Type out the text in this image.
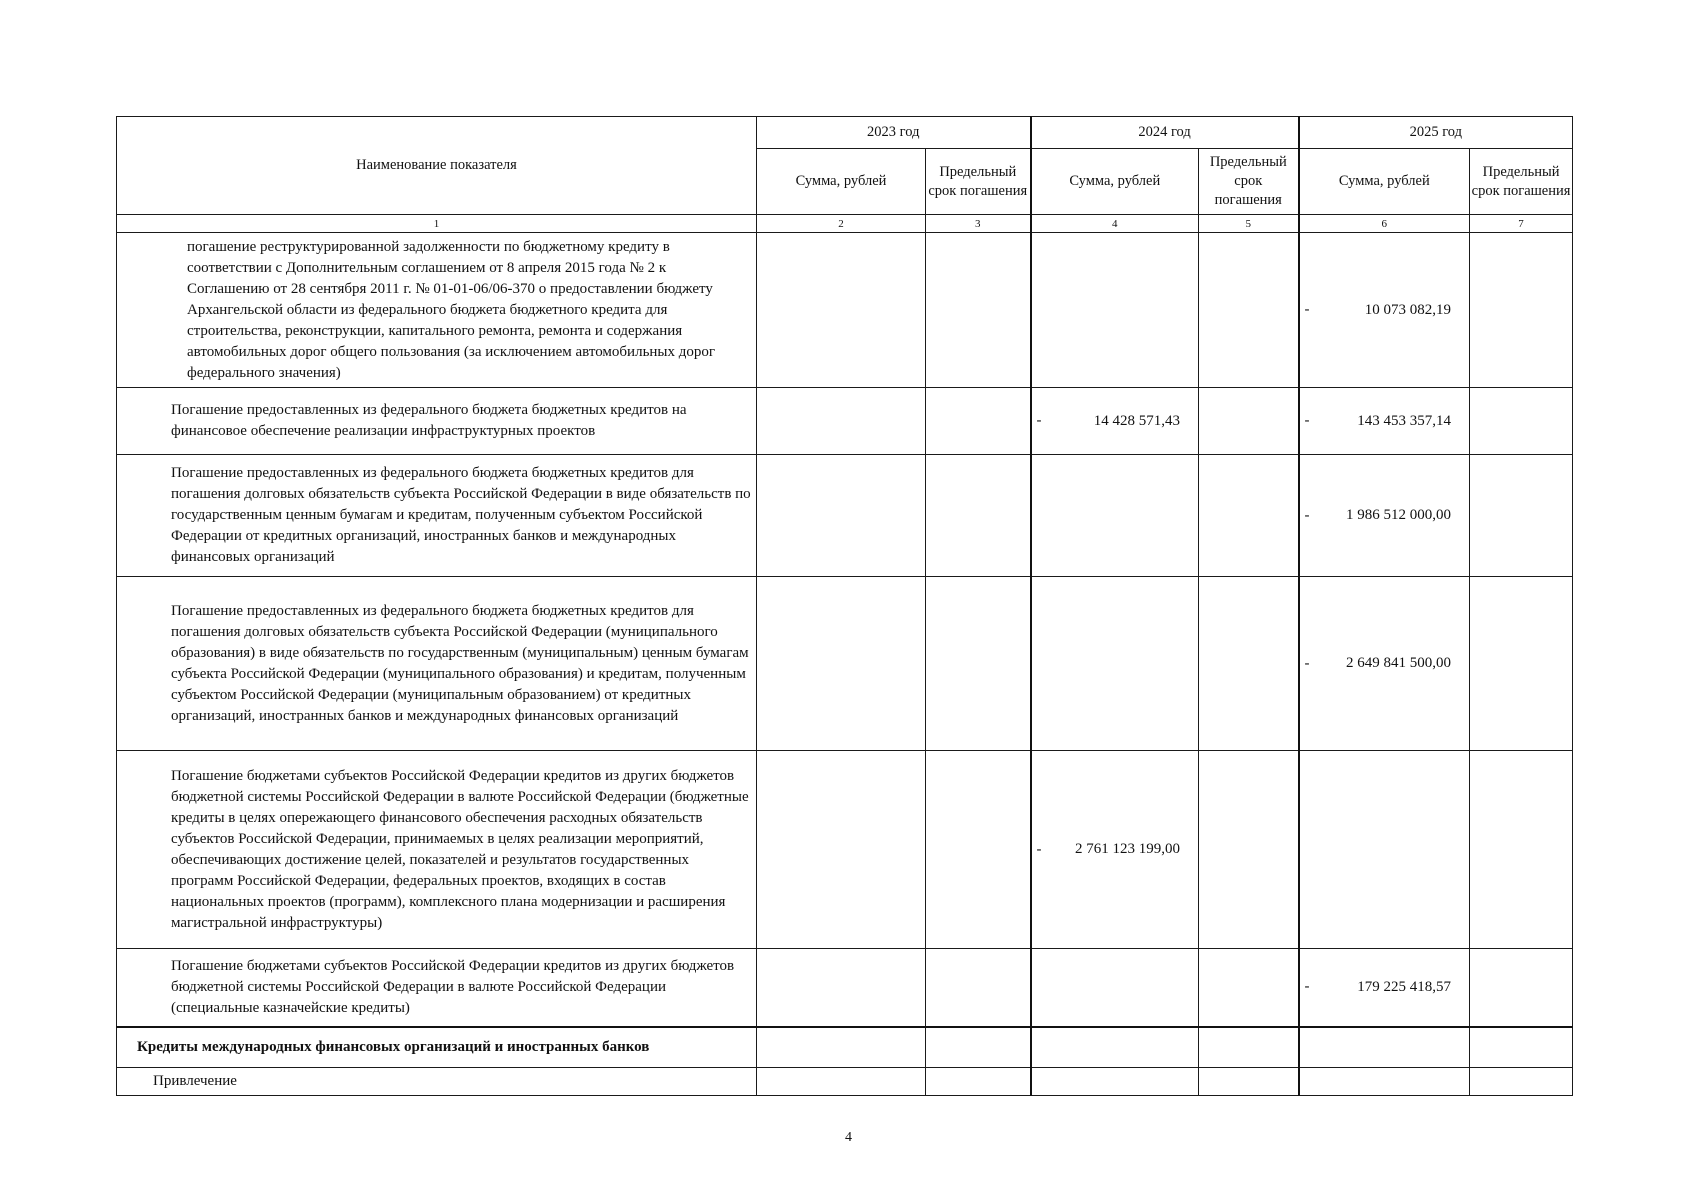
Наименование показателя	2023 год		2024 год		2025 год	
	Сумма, рублей	Предельный срок погашения	Сумма, рублей	Предельный срок погашения	Сумма, рублей	Предельный срок погашения
1	2	3	4	5	6	7
погашение реструктурированной задолженности по бюджетному кредиту в соответствии с Дополнительным соглашением от 8 апреля 2015 года № 2 к Соглашению от 28 сентября 2011 г. № 01-01-06/06-370 о предоставлении бюджету Архангельской области из федерального бюджета бюджетного кредита для строительства, реконструкции, капитального ремонта, ремонта и содержания автомобильных дорог общего пользования (за исключением автомобильных дорог федерального значения)					- 10 073 082,19	
Погашение предоставленных из федерального бюджета бюджетных кредитов на финансовое обеспечение реализации инфраструктурных проектов			- 14 428 571,43		- 143 453 357,14	
Погашение предоставленных из федерального бюджета бюджетных кредитов для погашения долговых обязательств субъекта Российской Федерации в виде обязательств по государственным ценным бумагам и кредитам, полученным субъектом Российской Федерации от кредитных организаций, иностранных банков и международных финансовых организаций					- 1 986 512 000,00	
Погашение предоставленных из федерального бюджета бюджетных кредитов для погашения долговых обязательств субъекта Российской Федерации (муниципального образования) в виде обязательств по государственным (муниципальным) ценным бумагам субъекта Российской Федерации (муниципального образования) и кредитам, полученным субъектом Российской Федерации (муниципальным образованием) от кредитных организаций, иностранных банков и международных финансовых организаций					- 2 649 841 500,00	
Погашение бюджетами субъектов Российской Федерации кредитов из других бюджетов бюджетной системы Российской Федерации в валюте Российской Федерации (бюджетные кредиты в целях опережающего финансового обеспечения расходных обязательств субъектов Российской Федерации, принимаемых в целях реализации мероприятий, обеспечивающих достижение целей, показателей и результатов государственных программ Российской Федерации, федеральных проектов, входящих в состав национальных проектов (программ), комплексного плана модернизации и расширения магистральной инфраструктуры)			- 2 761 123 199,00		

Погашение бюджетами субъектов Российской Федерации кредитов из других бюджетов бюджетной системы Российской Федерации в валюте Российской Федерации (специальные казначейские кредиты)					- 179 225 418,57	
Кредиты международных финансовых организаций и иностранных банков	

Привлечение	

4
